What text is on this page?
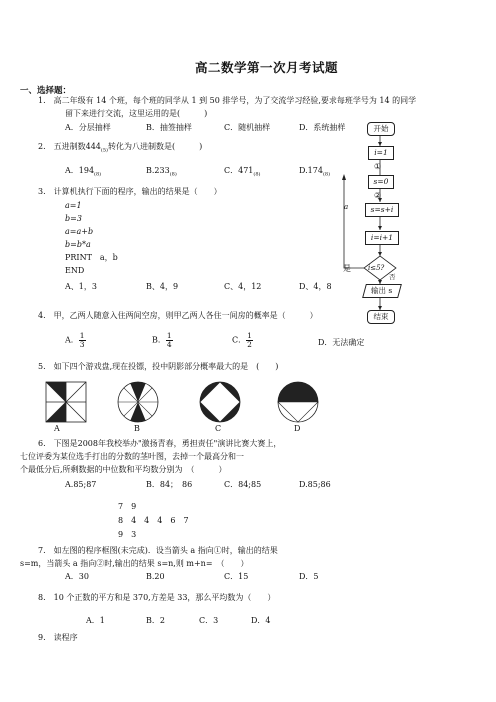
高二数学第一次月考试题
一、选择题：
1.　高二年级有 14 个班，每个班的同学从 1 到 50 排学号，为了交流学习经验,要求每班学号为 14 的同学
留下来进行交流，这里运用的是(　　　)
A．分层抽样	B．抽签抽样	C．随机抽样	D．系统抽样
2.　五进制数$444_{(5)}$转化为八进制数是(　　　)
A．$194_{(8)}$	$B.233_{(8)}$	C．$471_{(8)}$	$D.174_{(8)}$
3.　计算机执行下面的程序，输出的结果是（　　）
a=1
b=3
a=a+b
b=b*a
PRINT　a，b
END
A、1，3	B、4，9	C、4，12	D、4，8
开始
i=1
①
s=0
②
a	s=s+i
i=i+1
i≤5?
是
否
输出 s
结束
4.　甲，乙两人随意入住两间空房，则甲乙两人各住一间房的概率是（　　　）
A． $\frac{1}{3}$	B． $\frac{1}{4}$	C． $\frac{1}{2}$	D．无法确定
5.　如下四个游戏盘,现在投镖，投中阴影部分概率最大的是　(　　)
A	B	C	D
6.　下图是2008年我校举办"激扬青春，勇担责任"演讲比赛大赛上，
七位评委为某位选手打出的分数的茎叶图，去掉一个最高分和一
个最低分后,所剩数据的中位数和平均数分别为　（　　　）
A.85;87	B．84；　86	C．84;85	D.85;86
7　9
8　4　4　4　6　7
9　3
7.　如左图的程序框图(未完成)．设当箭头 a 指向①时，输出的结果
s=m，当箭头 a 指向②时,输出的结果 s=n,则 m+n=　（　　）
A．30	B.20	C．15	D．5
8.　10 个正数的平方和是 370,方差是 33，那么平均数为（　　）
A．1	B．2	C．3	D．4
9.　读程序
